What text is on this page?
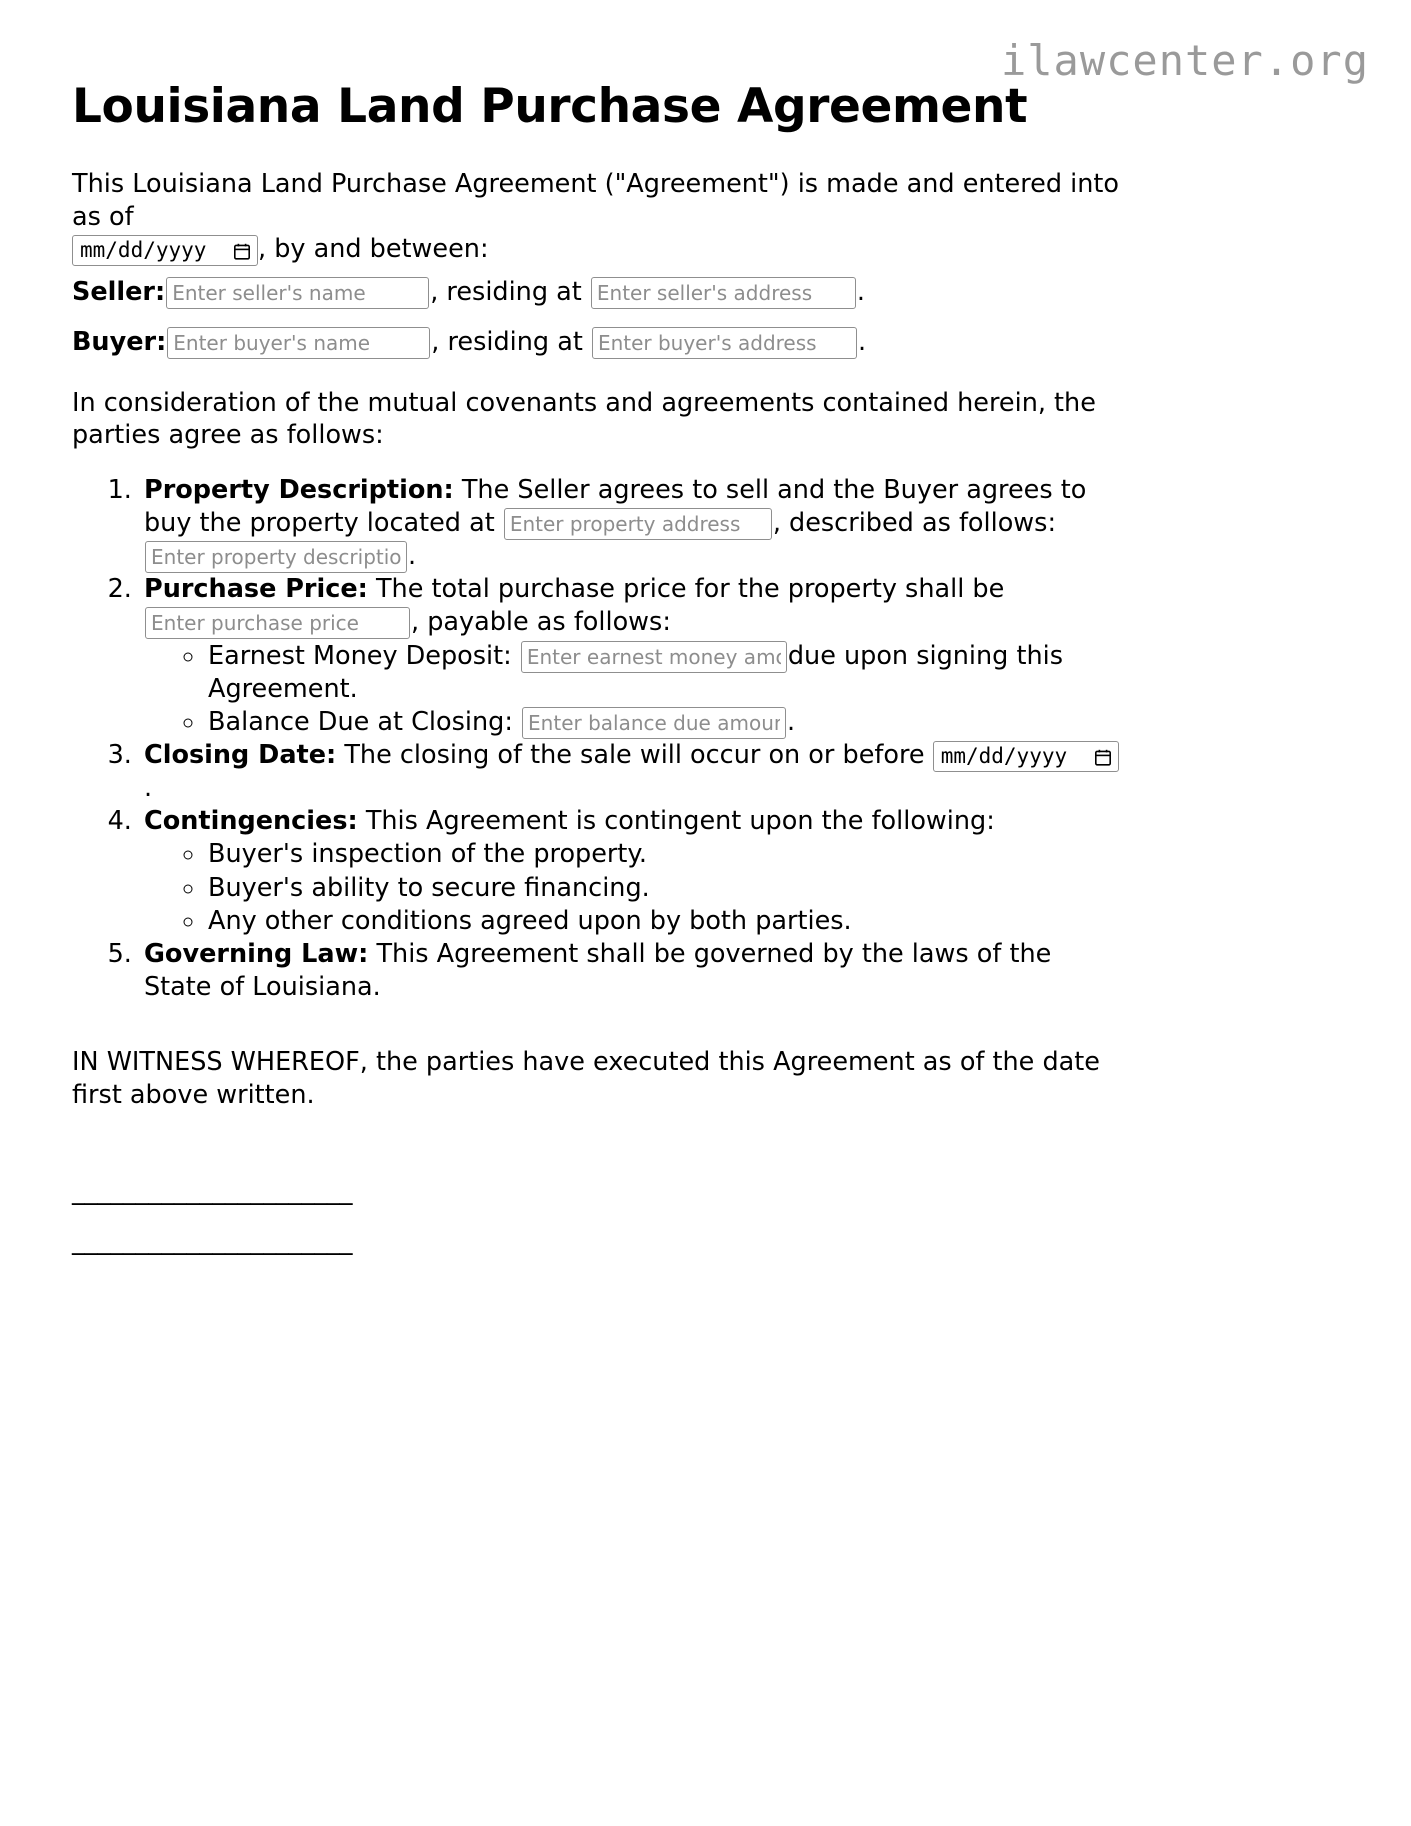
ilawcenter.org
Louisiana Land Purchase Agreement

This Louisiana Land Purchase Agreement ("Agreement") is made and entered into as of

mm/dd/yyyy , by and between:

Seller:Enter seller's name	, residing at Enter seller's address	.
Buyer:Enter buyer's name	, residing at Enter buyer's address	.

In consideration of the mutual covenants and agreements contained herein, the parties agree as follows:

1. Property Description: The Seller agrees to sell and the Buyer agrees to buy the property located at Enter property address	, described as follows:
Enter property description.
2. Purchase Price: The total purchase price for the property shall be
Enter purchase price, payable as follows:
◦ Earnest Money Deposit: Enter earnest money amount	due upon signing this Agreement.
◦ Balance Due at Closing: Enter balance due amount	.
3. Closing Date: The closing of the sale will occur on or before mm/dd/yyyy
.
4. Contingencies: This Agreement is contingent upon the following:
◦ Buyer's inspection of the property.
◦ Buyer's ability to secure financing.
◦ Any other conditions agreed upon by both parties.
5. Governing Law: This Agreement shall be governed by the laws of the State of Louisiana.

IN WITNESS WHEREOF, the parties have executed this Agreement as of the date first above written.

______________________
______________________
